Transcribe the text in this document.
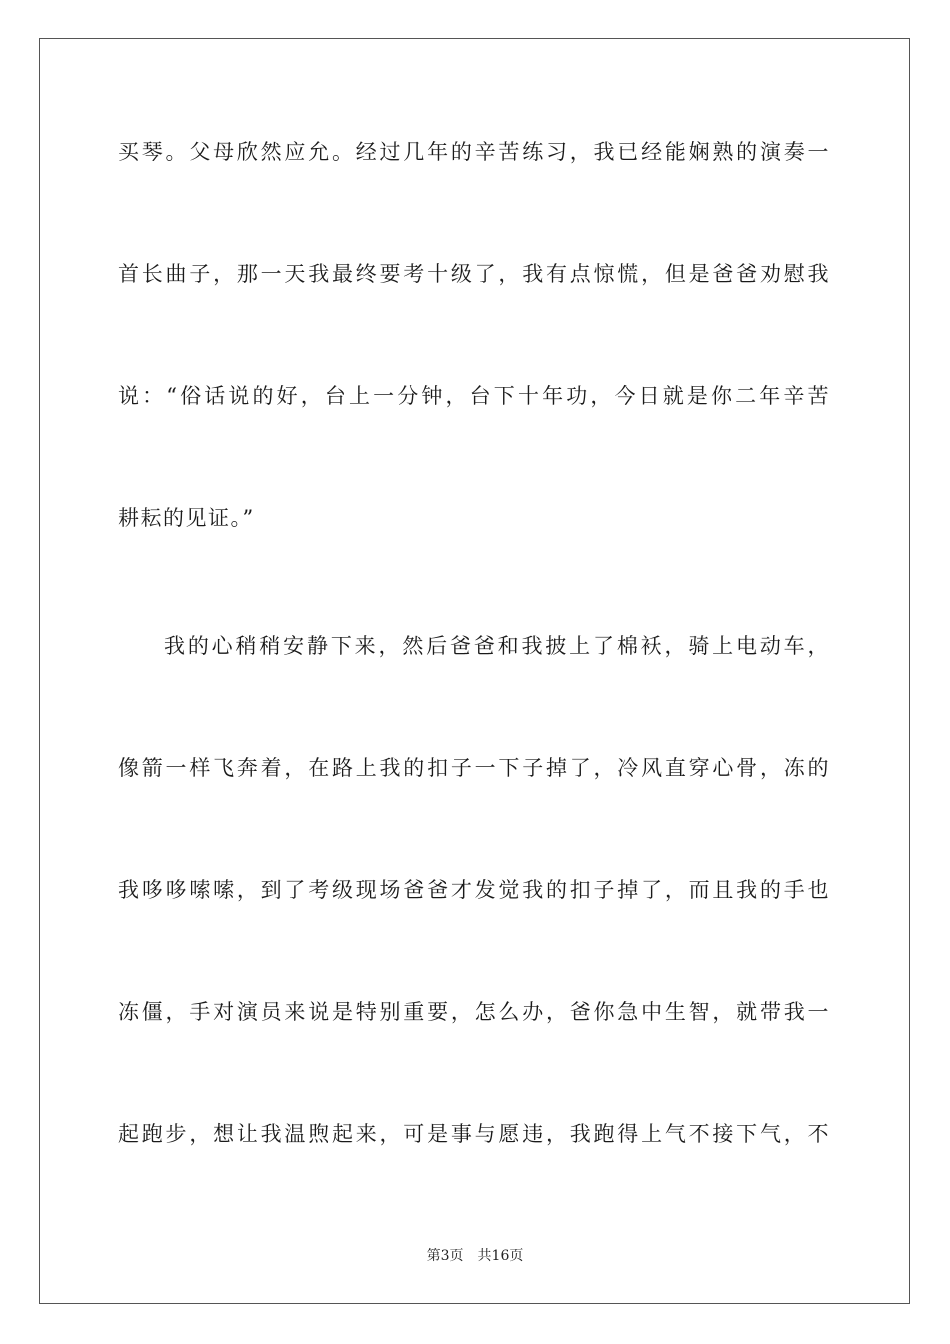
买琴。父母欣然应允。经过几年的辛苦练习，我已经能娴熟的演奏一
首长曲子，那一天我最终要考十级了，我有点惊慌，但是爸爸劝慰我
说：“俗话说的好，台上一分钟，台下十年功，今日就是你二年辛苦
耕耘的见证。”
我的心稍稍安静下来，然后爸爸和我披上了棉袄，骑上电动车，
像箭一样飞奔着，在路上我的扣子一下子掉了，冷风直穿心骨，冻的
我哆哆嗦嗦，到了考级现场爸爸才发觉我的扣子掉了，而且我的手也
冻僵，手对演员来说是特别重要，怎么办，爸你急中生智，就带我一
起跑步，想让我温煦起来，可是事与愿违，我跑得上气不接下气，不
第3页 共16页
